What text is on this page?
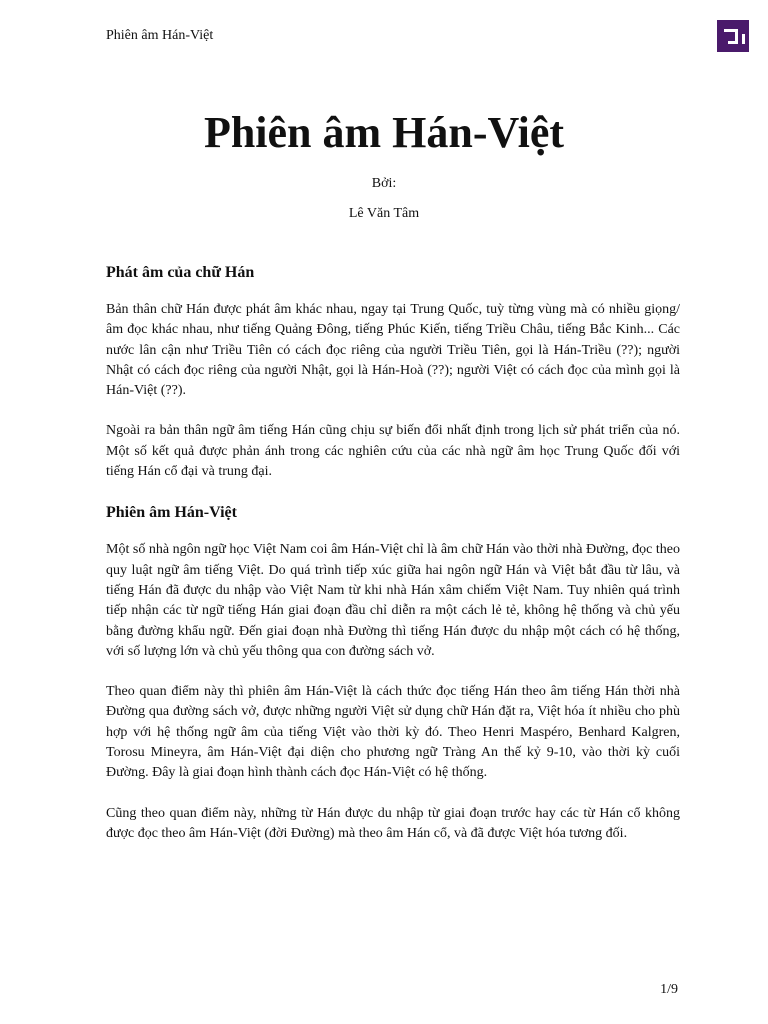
Phiên âm Hán-Việt
Phiên âm Hán-Việt
Bởi:
Lê Văn Tâm
Phát âm của chữ Hán

Bản thân chữ Hán được phát âm khác nhau, ngay tại Trung Quốc, tuỳ từng vùng mà có nhiều giọng/âm đọc khác nhau, như tiếng Quảng Đông, tiếng Phúc Kiến, tiếng Triều Châu, tiếng Bắc Kinh... Các nước lân cận như Triều Tiên có cách đọc riêng của người Triều Tiên, gọi là Hán-Triều (??); người Nhật có cách đọc riêng của người Nhật, gọi là Hán-Hoà (??); người Việt có cách đọc của mình gọi là Hán-Việt (??).

Ngoài ra bản thân ngữ âm tiếng Hán cũng chịu sự biến đổi nhất định trong lịch sử phát triển của nó. Một số kết quả được phản ánh trong các nghiên cứu của các nhà ngữ âm học Trung Quốc đối với tiếng Hán cổ đại và trung đại.

Phiên âm Hán-Việt

Một số nhà ngôn ngữ học Việt Nam coi âm Hán-Việt chỉ là âm chữ Hán vào thời nhà Đường, đọc theo quy luật ngữ âm tiếng Việt. Do quá trình tiếp xúc giữa hai ngôn ngữ Hán và Việt bắt đầu từ lâu, và tiếng Hán đã được du nhập vào Việt Nam từ khi nhà Hán xâm chiếm Việt Nam. Tuy nhiên quá trình tiếp nhận các từ ngữ tiếng Hán giai đoạn đầu chỉ diễn ra một cách lẻ tẻ, không hệ thống và chủ yếu bằng đường khẩu ngữ. Đến giai đoạn nhà Đường thì tiếng Hán được du nhập một cách có hệ thống, với số lượng lớn và chủ yếu thông qua con đường sách vở.

Theo quan điểm này thì phiên âm Hán-Việt là cách thức đọc tiếng Hán theo âm tiếng Hán thời nhà Đường qua đường sách vở, được những người Việt sử dụng chữ Hán đặt ra, Việt hóa ít nhiều cho phù hợp với hệ thống ngữ âm của tiếng Việt vào thời kỳ đó. Theo Henri Maspéro, Benhard Kalgren, Torosu Mineyra, âm Hán-Việt đại diện cho phương ngữ Tràng An thế kỷ 9-10, vào thời kỳ cuối Đường. Đây là giai đoạn hình thành cách đọc Hán-Việt có hệ thống.

Cũng theo quan điểm này, những từ Hán được du nhập từ giai đoạn trước hay các từ Hán cổ không được đọc theo âm Hán-Việt (đời Đường) mà theo âm Hán cổ, và đã được Việt hóa tương đối.

1/9
